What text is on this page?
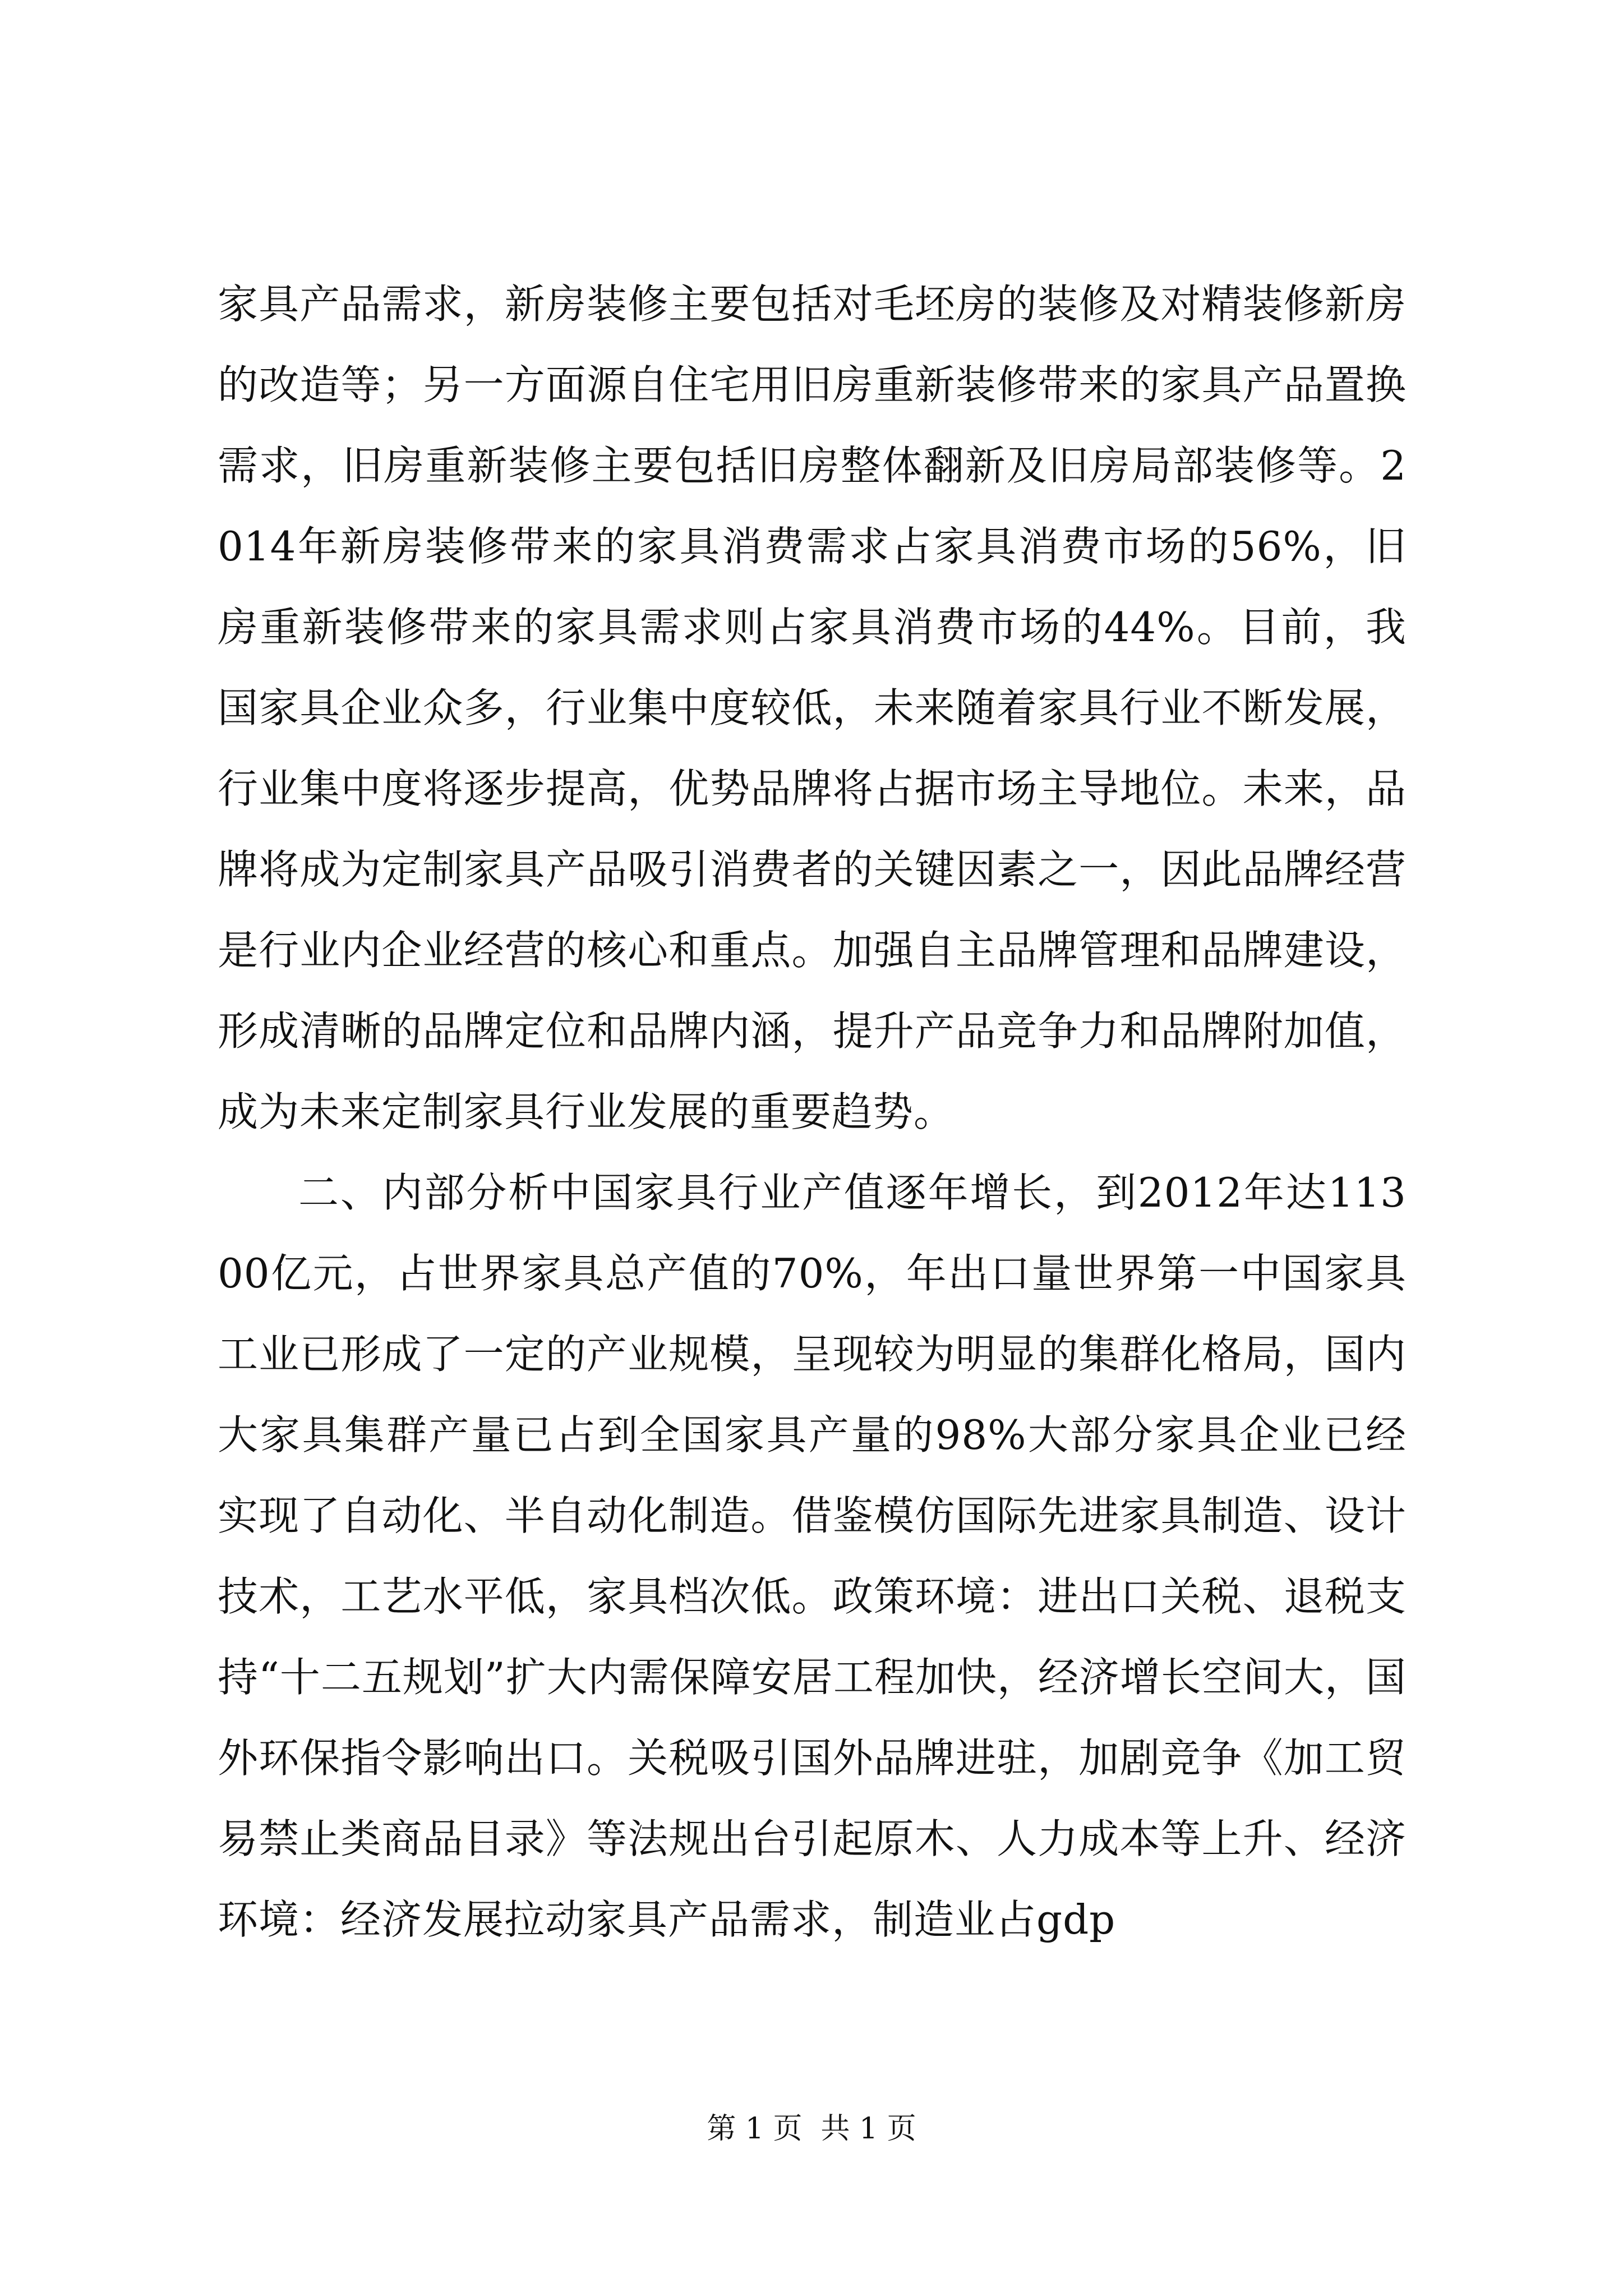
家具产品需求，新房装修主要包括对毛坯房的装修及对精装修新房的改造等；另一方面源自住宅用旧房重新装修带来的家具产品置换需求，旧房重新装修主要包括旧房整体翻新及旧房局部装修等。2014年新房装修带来的家具消费需求占家具消费市场的56%，旧房重新装修带来的家具需求则占家具消费市场的44%。目前，我国家具企业众多，行业集中度较低，未来随着家具行业不断发展，行业集中度将逐步提高，优势品牌将占据市场主导地位。未来，品牌将成为定制家具产品吸引消费者的关键因素之一，因此品牌经营是行业内企业经营的核心和重点。加强自主品牌管理和品牌建设，形成清晰的品牌定位和品牌内涵，提升产品竞争力和品牌附加值，成为未来定制家具行业发展的重要趋势。

二、内部分析中国家具行业产值逐年增长，到2012年达11300亿元，占世界家具总产值的70%，年出口量世界第一中国家具工业已形成了一定的产业规模，呈现较为明显的集群化格局，国内大家具集群产量已占到全国家具产量的98%大部分家具企业已经实现了自动化、半自动化制造。借鉴模仿国际先进家具制造、设计技术，工艺水平低，家具档次低。政策环境：进出口关税、退税支持“十二五规划”扩大内需保障安居工程加快，经济增长空间大，国外环保指令影响出口。关税吸引国外品牌进驻，加剧竞争《加工贸易禁止类商品目录》等法规出台引起原木、人力成本等上升、经济环境：经济发展拉动家具产品需求，制造业占gdp

第 1 页  共 1 页
